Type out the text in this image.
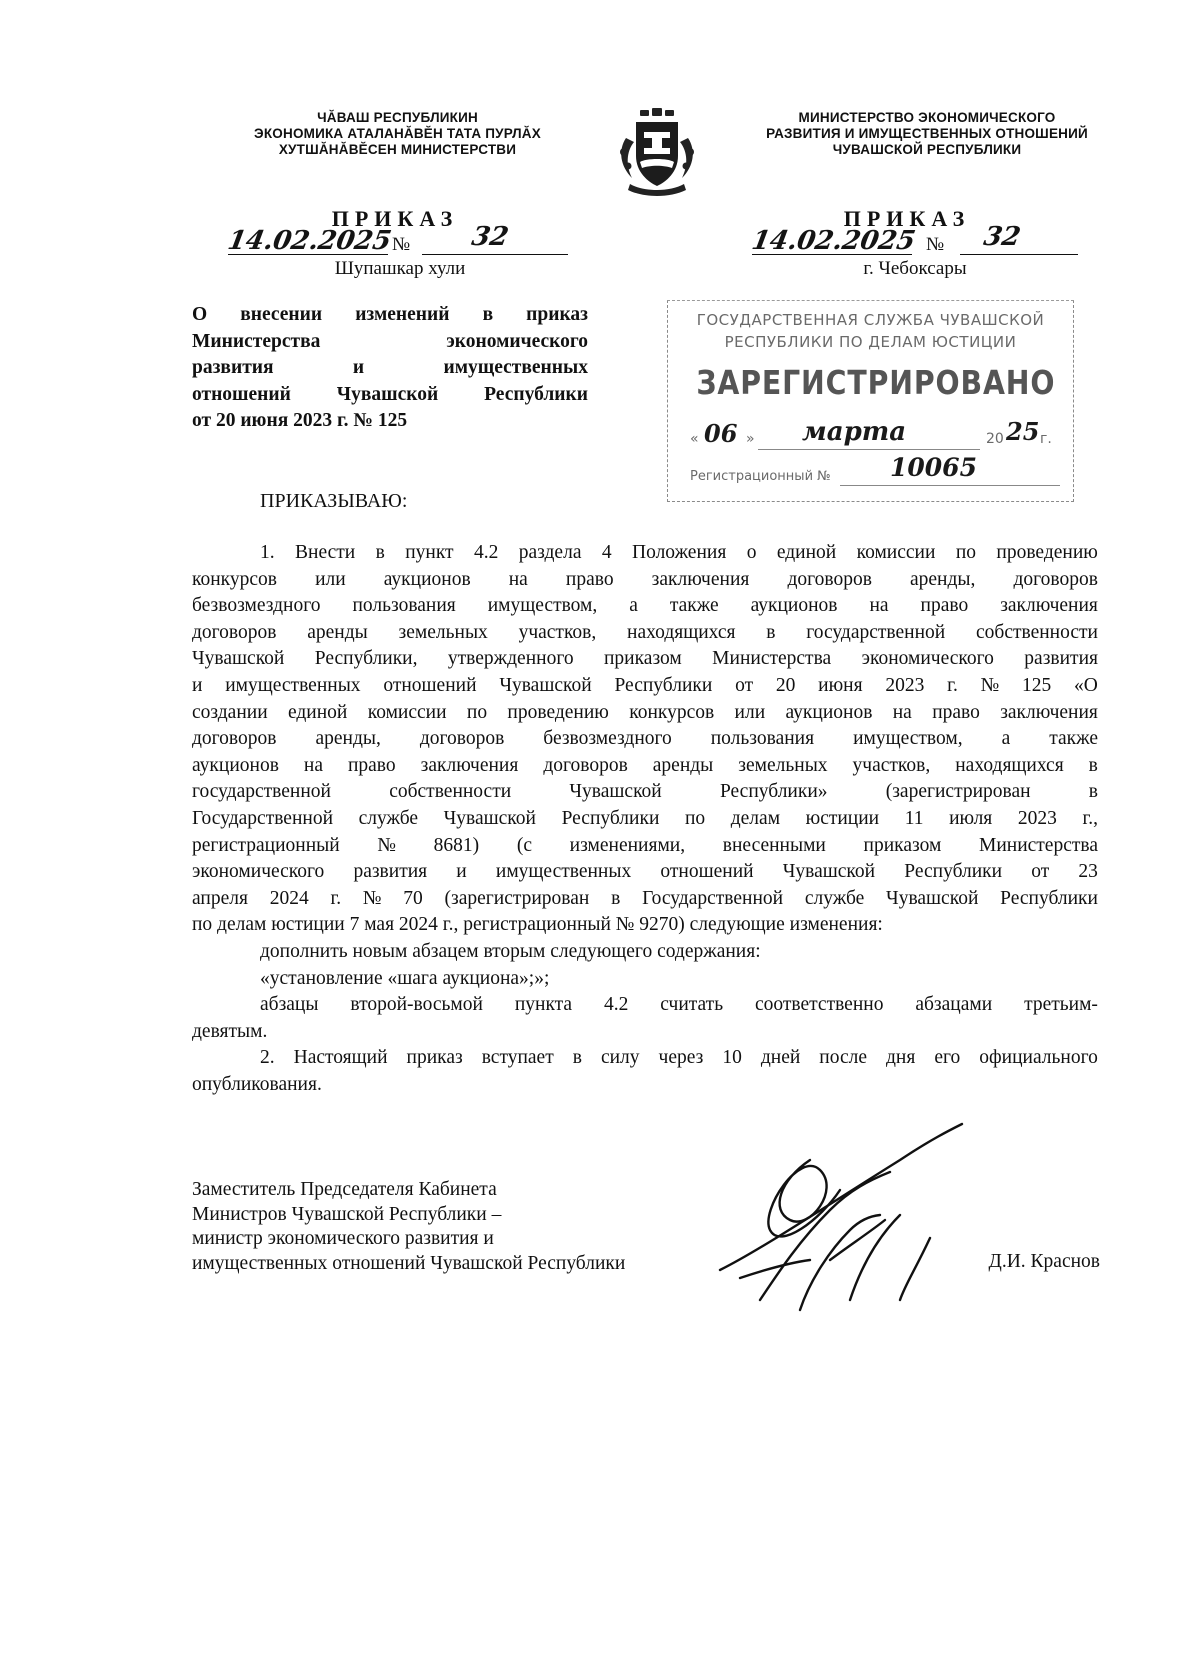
ЧĂВАШ РЕСПУБЛИКИН
ЭКОНОМИКА АТАЛАНĂВĔН ТАТА ПУРЛĂХ
ХУТШĂНĂВĔСЕН МИНИСТЕРСТВИ
МИНИСТЕРСТВО ЭКОНОМИЧЕСКОГО
РАЗВИТИЯ И ИМУЩЕСТВЕННЫХ ОТНОШЕНИЙ
ЧУВАШСКОЙ РЕСПУБЛИКИ
ПРИКАЗ	ПРИКАЗ
14.02.2025
№ 32
Шупашкар хули
14.02.2025 № 32
г. Чебоксары
О внесении изменений в приказ
Министерства	экономического
развития	и	имущественных
отношений Чувашской Республики
от 20 июня 2023 г. № 125
ГОСУДАРСТВЕННАЯ СЛУЖБА ЧУВАШСКОЙ
РЕСПУБЛИКИ ПО ДЕЛАМ ЮСТИЦИИ
ЗАРЕГИСТРИРОВАНО
« 06 » марта	20 25 г.
Регистрационный № 10065
ПРИКАЗЫВАЮ:
1. Внести в пункт 4.2 раздела 4 Положения о единой комиссии по проведению
конкурсов или аукционов на право заключения договоров аренды, договоров
безвозмездного пользования имуществом, а также аукционов на право заключения
договоров аренды земельных участков, находящихся в государственной собственности
Чувашской Республики, утвержденного приказом Министерства экономического развития
и имущественных отношений Чувашской Республики от 20 июня 2023 г. № 125 «О
создании единой комиссии по проведению конкурсов или аукционов на право заключения
договоров аренды, договоров безвозмездного пользования имуществом, а также
аукционов на право заключения договоров аренды земельных участков, находящихся в
государственной	собственности	Чувашской	Республики»	(зарегистрирован	в
Государственной службе Чувашской Республики по делам юстиции 11 июля 2023 г.,
регистрационный № 8681) (с изменениями, внесенными приказом Министерства
экономического развития и имущественных отношений Чувашской Республики от 23
апреля 2024 г. № 70 (зарегистрирован в Государственной службе Чувашской Республики
по делам юстиции 7 мая 2024 г., регистрационный № 9270) следующие изменения:
дополнить новым абзацем вторым следующего содержания:
«установление «шага аукциона»;»;
абзацы второй-восьмой пункта 4.2 считать соответственно абзацами третьим-
девятым.
2. Настоящий приказ вступает в силу через 10 дней после дня его официального
опубликования.
Заместитель Председателя Кабинета
Министров Чувашской Республики –
министр экономического развития и
имущественных отношений Чувашской Республики	Д.И. Краснов
